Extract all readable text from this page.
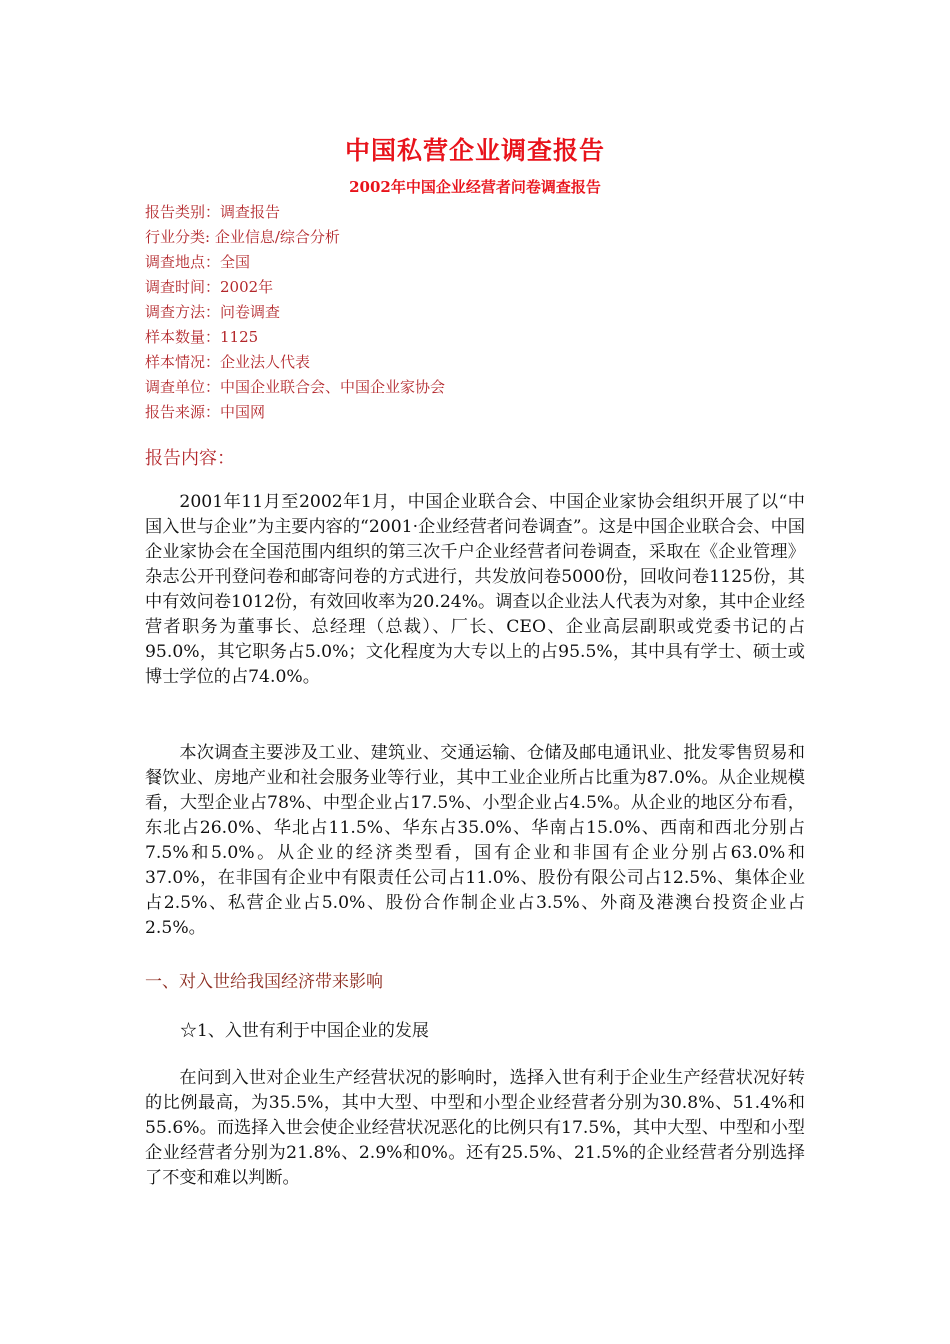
中国私营企业调查报告
2002年中国企业经营者问卷调查报告
报告类别：调查报告
行业分类: 企业信息/综合分析
调查地点：全国
调查时间：2002年
调查方法：问卷调查
样本数量：1125
样本情况：企业法人代表
调查单位：中国企业联合会、中国企业家协会
报告来源：中国网
报告内容：
2001年11月至2002年1月，中国企业联合会、中国企业家协会组织开展了以“中国入世与企业”为主要内容的“2001·企业经营者问卷调查”。这是中国企业联合会、中国企业家协会在全国范围内组织的第三次千户企业经营者问卷调查，采取在《企业管理》杂志公开刊登问卷和邮寄问卷的方式进行，共发放问卷5000份，回收问卷1125份，其中有效问卷1012份，有效回收率为20.24%。调查以企业法人代表为对象，其中企业经营者职务为董事长、总经理（总裁）、厂长、CEO、企业高层副职或党委书记的占95.0%，其它职务占5.0%；文化程度为大专以上的占95.5%，其中具有学士、硕士或博士学位的占74.0%。
本次调查主要涉及工业、建筑业、交通运输、仓储及邮电通讯业、批发零售贸易和餐饮业、房地产业和社会服务业等行业，其中工业企业所占比重为87.0%。从企业规模看，大型企业占78%、中型企业占17.5%、小型企业占4.5%。从企业的地区分布看，东北占26.0%、华北占11.5%、华东占35.0%、华南占15.0%、西南和西北分别占7.5%和5.0%。从企业的经济类型看，国有企业和非国有企业分别占63.0%和37.0%，在非国有企业中有限责任公司占11.0%、股份有限公司占12.5%、集体企业占2.5%、私营企业占5.0%、股份合作制企业占3.5%、外商及港澳台投资企业占2.5%。
一、对入世给我国经济带来影响
☆1、入世有利于中国企业的发展
在问到入世对企业生产经营状况的影响时，选择入世有利于企业生产经营状况好转的比例最高，为35.5%，其中大型、中型和小型企业经营者分别为30.8%、51.4%和55.6%。而选择入世会使企业经营状况恶化的比例只有17.5%，其中大型、中型和小型企业经营者分别为21.8%、2.9%和0%。还有25.5%、21.5%的企业经营者分别选择了不变和难以判断。
